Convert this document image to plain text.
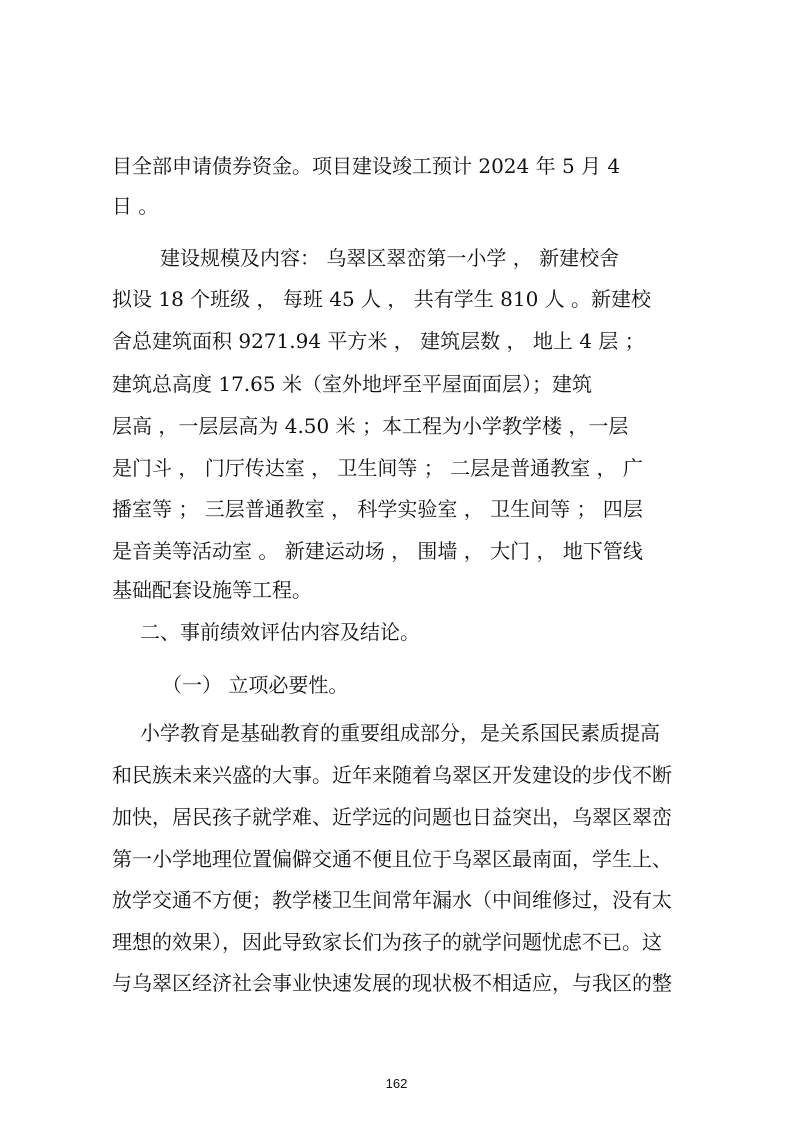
目全部申请债券资金。项目建设竣工预计 2024 年 5 月 4

日 。

建设规模及内容： 乌翠区翠峦第一小学 ， 新建校舍

拟设 18 个班级 ， 每班 45 人 ， 共有学生 810 人 。新建校

舍总建筑面积 9271.94 平方米 ， 建筑层数 ， 地上 4 层 ；

建筑总高度 17.65 米（室外地坪至平屋面面层）；建筑

层高 ，一层层高为 4.50 米 ；本工程为小学教学楼 ，一层

是门斗 ， 门厅传达室 ， 卫生间等 ； 二层是普通教室 ， 广

播室等 ； 三层普通教室 ， 科学实验室 ， 卫生间等 ； 四层

是音美等活动室 。 新建运动场 ， 围墙 ， 大门 ， 地下管线

基础配套设施等工程。

二、事前绩效评估内容及结论。

（一） 立项必要性。

小学教育是基础教育的重要组成部分，是关系国民素质提高

和民族未来兴盛的大事。近年来随着乌翠区开发建设的步伐不断

加快，居民孩子就学难、近学远的问题也日益突出，乌翠区翠峦

第一小学地理位置偏僻交通不便且位于乌翠区最南面，学生上、

放学交通不方便；教学楼卫生间常年漏水（中间维修过，没有太

理想的效果），因此导致家长们为孩子的就学问题忧虑不已。这

与乌翠区经济社会事业快速发展的现状极不相适应，与我区的整

162
